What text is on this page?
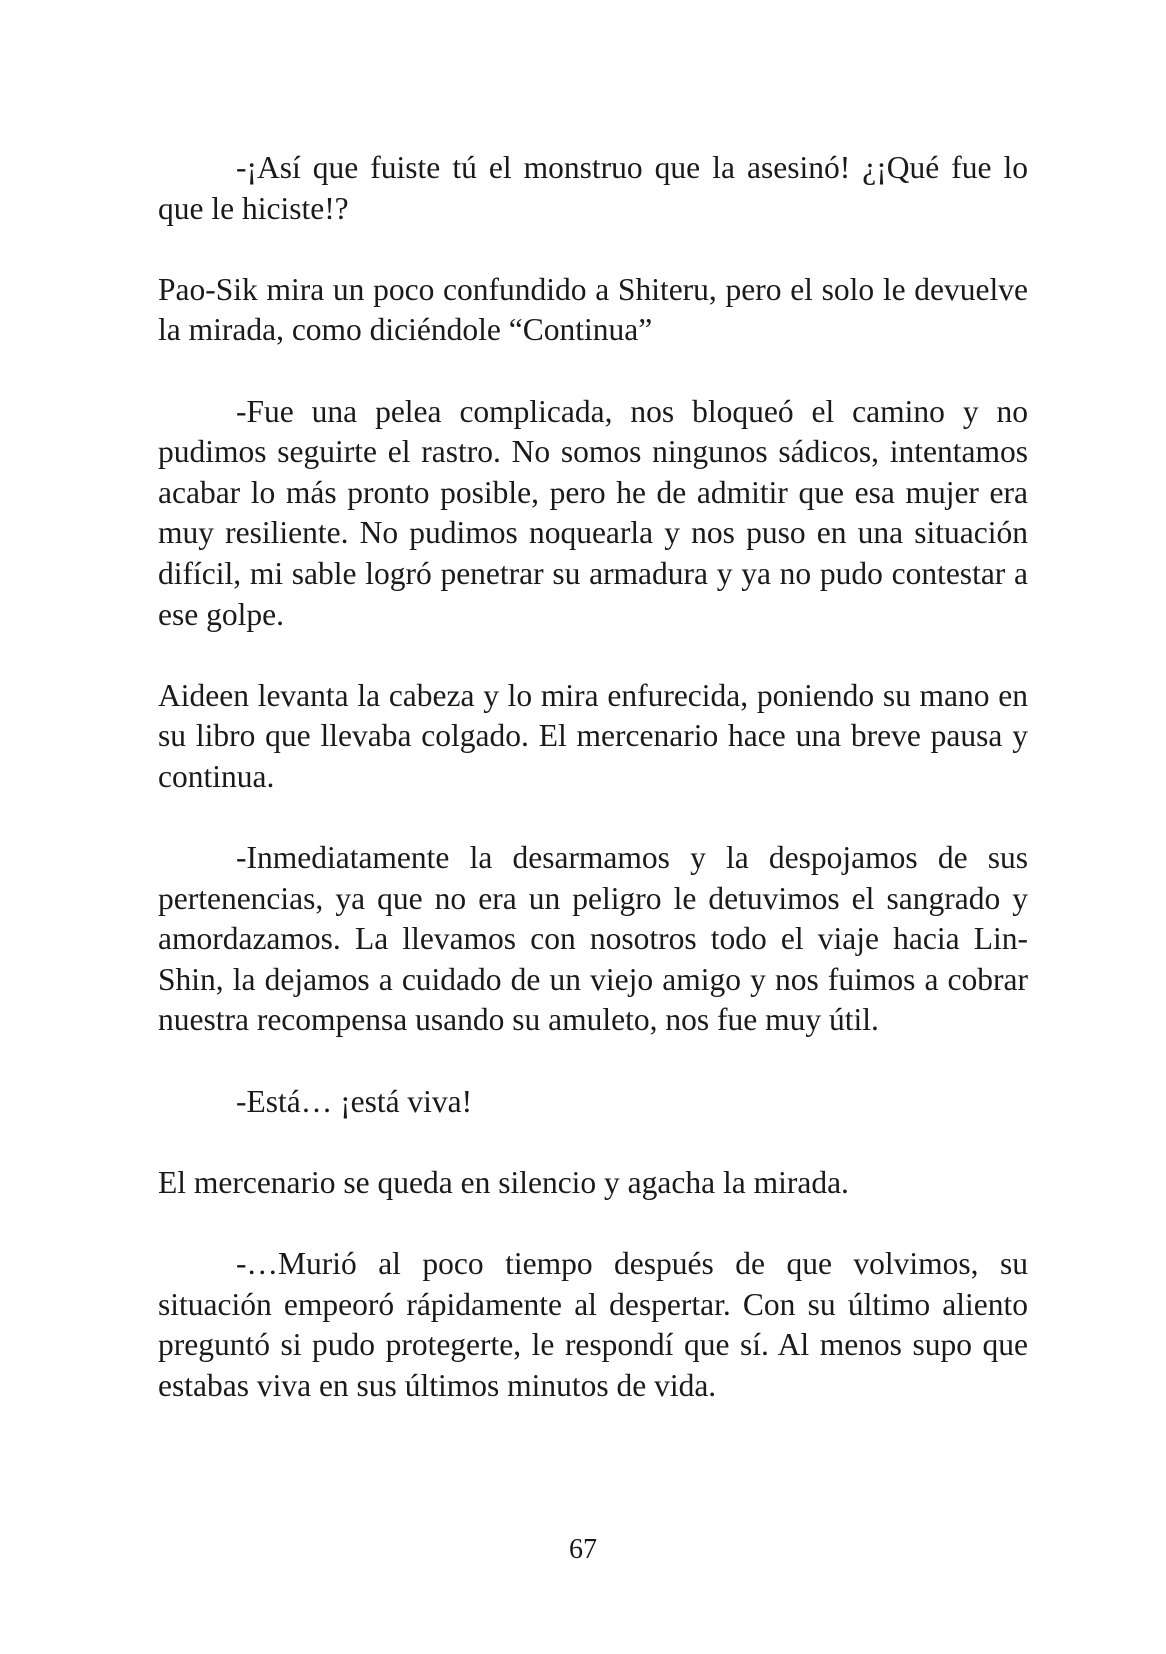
-¡Así que fuiste tú el monstruo que la asesinó! ¿¡Qué fue lo que le hiciste!?

Pao-Sik mira un poco confundido a Shiteru, pero el solo le devuelve la mirada, como diciéndole “Continua”

-Fue una pelea complicada, nos bloqueó el camino y no pudimos seguirte el rastro. No somos ningunos sádicos, intentamos acabar lo más pronto posible, pero he de admitir que esa mujer era muy resiliente. No pudimos noquearla y nos puso en una situación difícil, mi sable logró penetrar su armadura y ya no pudo contestar a ese golpe.

Aideen levanta la cabeza y lo mira enfurecida, poniendo su mano en su libro que llevaba colgado. El mercenario hace una breve pausa y continua.

-Inmediatamente la desarmamos y la despojamos de sus pertenencias, ya que no era un peligro le detuvimos el sangrado y amordazamos. La llevamos con nosotros todo el viaje hacia Lin-Shin, la dejamos a cuidado de un viejo amigo y nos fuimos a cobrar nuestra recompensa usando su amuleto, nos fue muy útil.

-Está… ¡está viva!

El mercenario se queda en silencio y agacha la mirada.

-…Murió al poco tiempo después de que volvimos, su situación empeoró rápidamente al despertar. Con su último aliento preguntó si pudo protegerte, le respondí que sí. Al menos supo que estabas viva en sus últimos minutos de vida.

67
